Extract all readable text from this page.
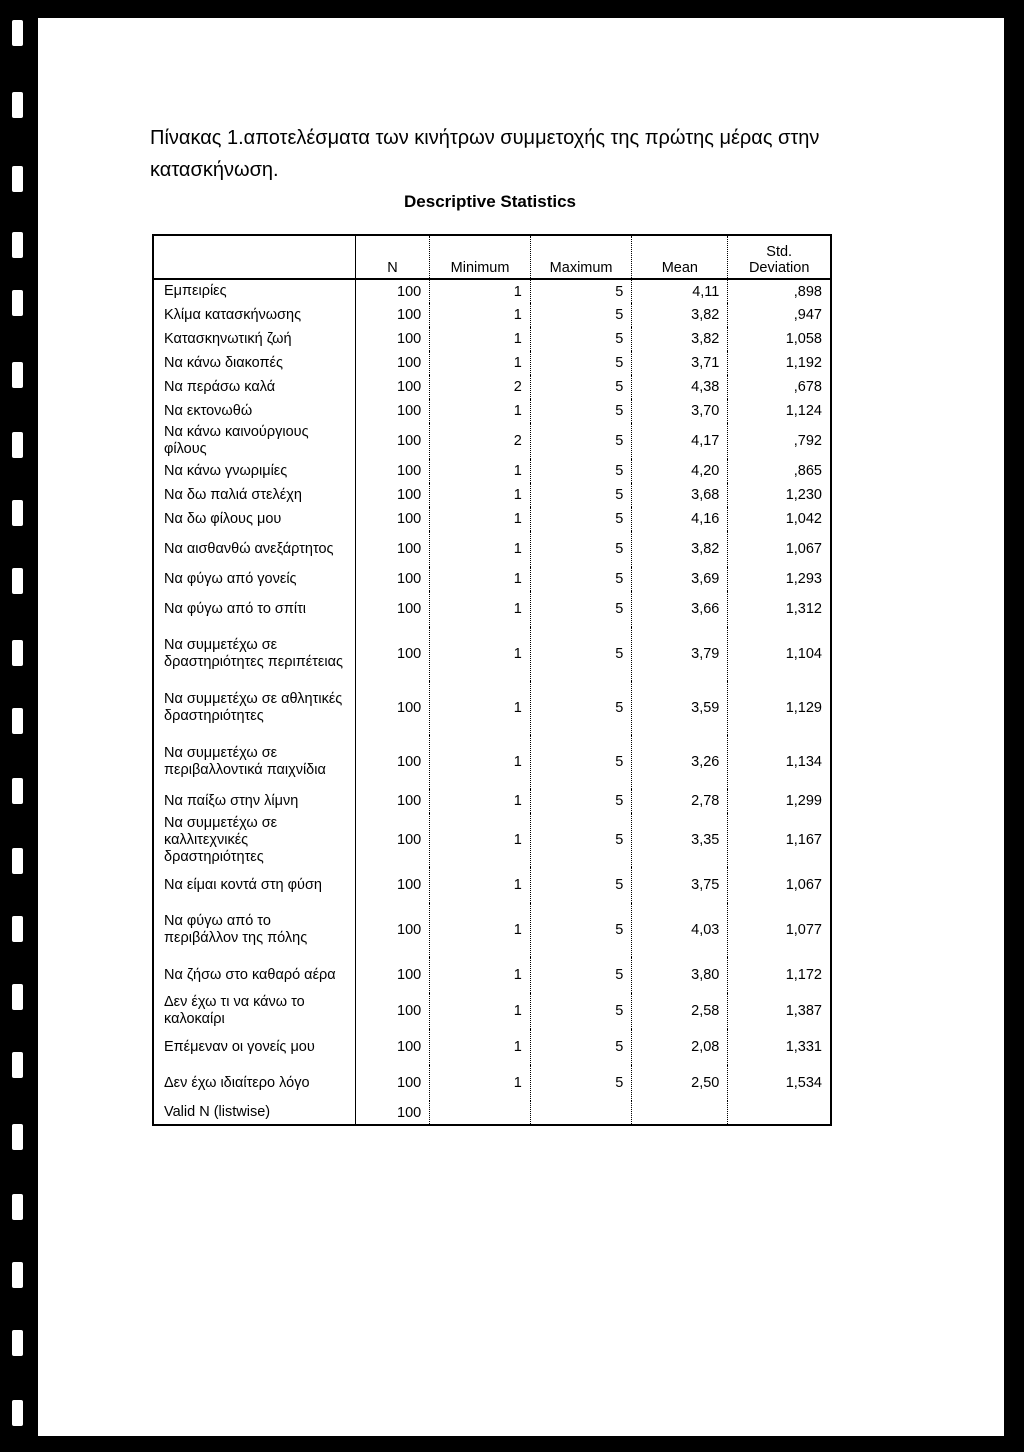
Πίνακας 1.αποτελέσματα των κινήτρων συμμετοχής της πρώτης μέρας στην κατασκήνωση.
Descriptive Statistics
	N	Minimum	Maximum	Mean	Std.
Deviation

Εμπειρίες	100	1	5	4,11	,898
Κλίμα κατασκήνωσης	100	1	5	3,82	,947
Κατασκηνωτική ζωή	100	1	5	3,82	1,058
Να κάνω διακοπές	100	1	5	3,71	1,192
Να περάσω καλά	100	2	5	4,38	,678
Να εκτονωθώ	100	1	5	3,70	1,124
Να κάνω καινούργιους φίλους	100	2	5	4,17	,792
Να κάνω γνωριμίες	100	1	5	4,20	,865
Να δω παλιά στελέχη	100	1	5	3,68	1,230
Να δω φίλους μου	100	1	5	4,16	1,042
Να αισθανθώ ανεξάρτητος	100	1	5	3,82	1,067
Να φύγω από γονείς	100	1	5	3,69	1,293
Να φύγω από το σπίτι	100	1	5	3,66	1,312
Να συμμετέχω σε δραστηριότητες περιπέτειας	100	1	5	3,79	1,104
Να συμμετέχω σε αθλητικές δραστηριότητες	100	1	5	3,59	1,129
Να συμμετέχω σε περιβαλλοντικά παιχνίδια	100	1	5	3,26	1,134
Να παίξω στην λίμνη	100	1	5	2,78	1,299
Να συμμετέχω σε καλλιτεχνικές δραστηριότητες	100	1	5	3,35	1,167
Να είμαι κοντά στη φύση	100	1	5	3,75	1,067
Να φύγω από το περιβάλλον της πόλης	100	1	5	4,03	1,077
Να ζήσω στο καθαρό αέρα	100	1	5	3,80	1,172
Δεν έχω τι να κάνω το καλοκαίρι	100	1	5	2,58	1,387
Επέμεναν οι γονείς μου	100	1	5	2,08	1,331
Δεν έχω ιδιαίτερο λόγο	100	1	5	2,50	1,534
Valid N (listwise)	100				
